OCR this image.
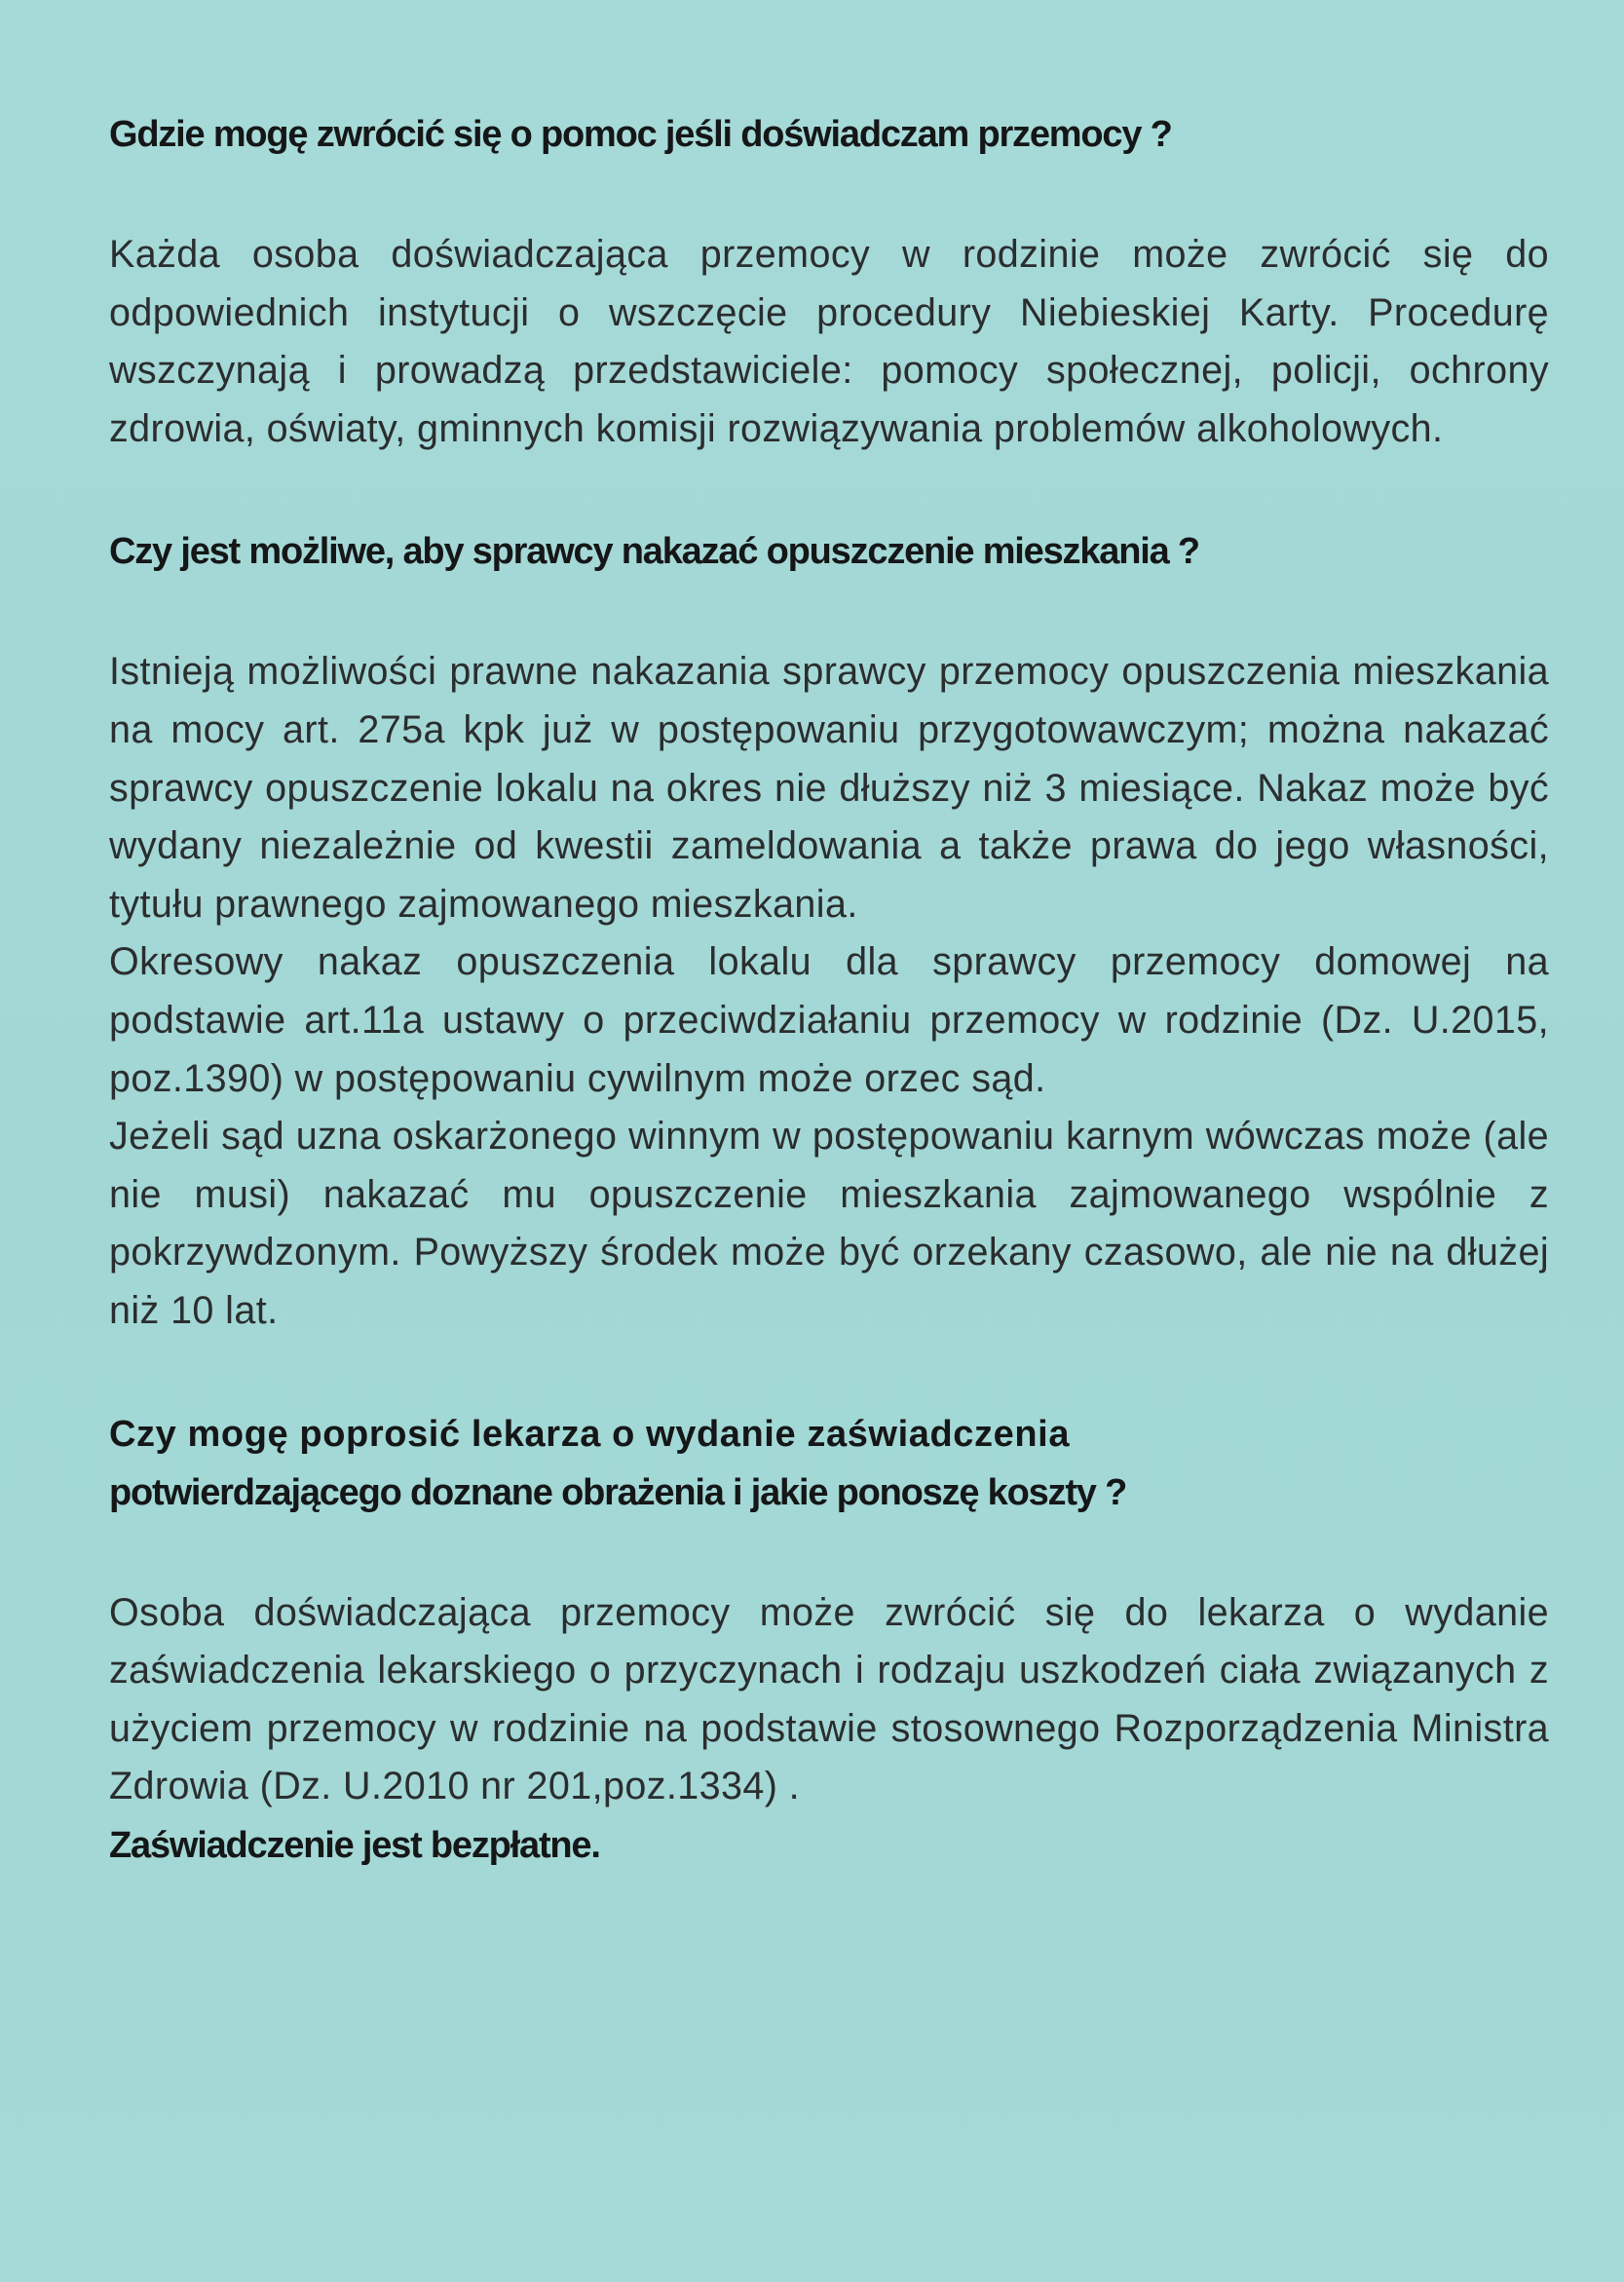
Gdzie mogę zwrócić się o pomoc jeśli doświadczam przemocy ?

Każda osoba doświadczająca przemocy w rodzinie może zwrócić się do odpowiednich instytucji o wszczęcie procedury Niebieskiej Karty. Procedurę wszczynają i prowadzą przedstawiciele: pomocy społecznej, policji, ochrony zdrowia, oświaty, gminnych komisji rozwiązywania problemów alkoholowych.

Czy jest możliwe, aby sprawcy nakazać opuszczenie mieszkania ?

Istnieją możliwości prawne nakazania sprawcy przemocy opuszczenia mieszkania na mocy art. 275a kpk już w postępowaniu przygotowawczym; można nakazać sprawcy opuszczenie lokalu na okres nie dłuższy niż 3 miesiące. Nakaz może być wydany niezależnie od kwestii zameldowania a także prawa do jego własności, tytułu prawnego zajmowanego mieszkania.

Okresowy nakaz opuszczenia lokalu dla sprawcy przemocy domowej na podstawie art.11a ustawy o przeciwdziałaniu przemocy w rodzinie (Dz. U.2015, poz.1390) w postępowaniu cywilnym może orzec sąd.

Jeżeli sąd uzna oskarżonego winnym w postępowaniu karnym wówczas może (ale nie musi) nakazać mu opuszczenie mieszkania zajmowanego wspólnie z pokrzywdzonym. Powyższy środek może być orzekany czasowo, ale nie na dłużej niż 10 lat.

Czy mogę poprosić lekarza o wydanie zaświadczenia
potwierdzającego doznane obrażenia i jakie ponoszę koszty ?

Osoba doświadczająca przemocy może zwrócić się do lekarza o wydanie zaświadczenia lekarskiego o przyczynach i rodzaju uszkodzeń ciała związanych z użyciem przemocy w rodzinie na podstawie stosownego Rozporządzenia Ministra Zdrowia (Dz. U.2010 nr 201,poz.1334) .

Zaświadczenie jest bezpłatne.
